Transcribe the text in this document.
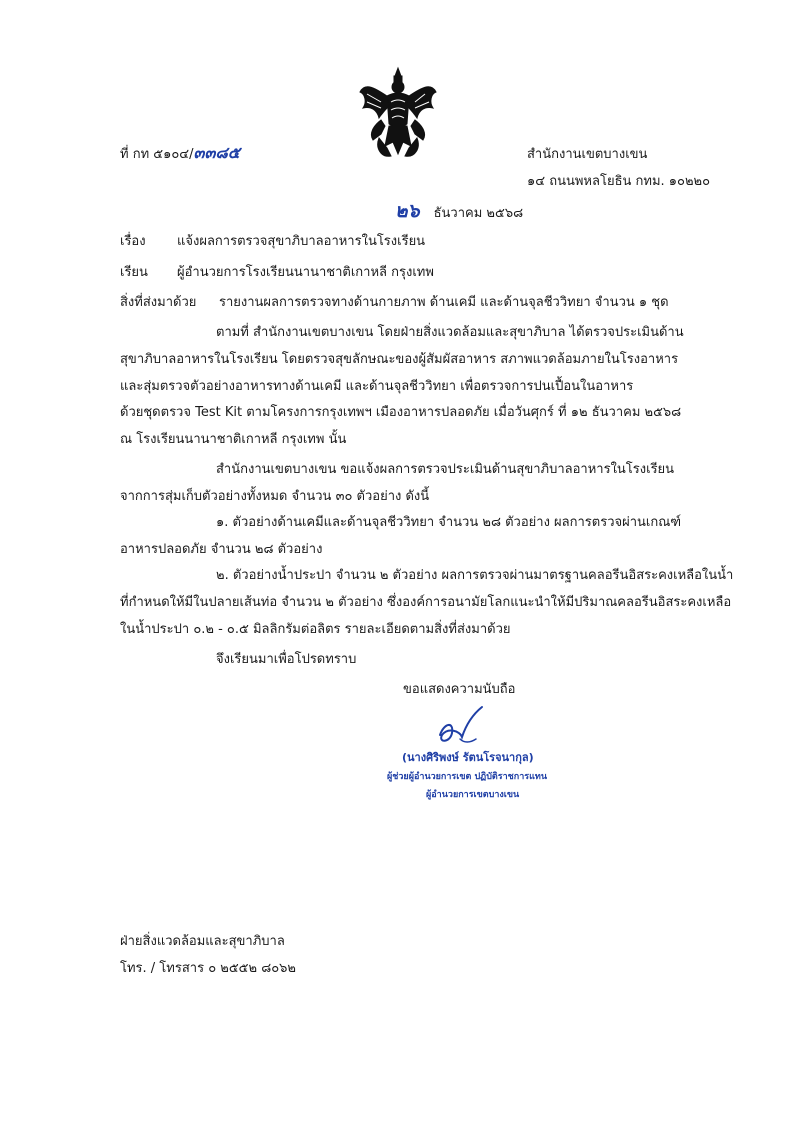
ที่ กท ๕๑๐๔/๓๓๘๕	สำนักงานเขตบางเขน
๑๔ ถนนพหลโยธิน กทม. ๑๐๒๒๐
๒๖ ธันวาคม ๒๕๖๘
เรื่อง แจ้งผลการตรวจสุขาภิบาลอาหารในโรงเรียน
เรียน ผู้อำนวยการโรงเรียนนานาชาติเกาหลี กรุงเทพ
สิ่งที่ส่งมาด้วย รายงานผลการตรวจทางด้านกายภาพ ด้านเคมี และด้านจุลชีววิทยา จำนวน ๑ ชุด
ตามที่ สำนักงานเขตบางเขน โดยฝ่ายสิ่งแวดล้อมและสุขาภิบาล ได้ตรวจประเมินด้าน
สุขาภิบาลอาหารในโรงเรียน โดยตรวจสุขลักษณะของผู้สัมผัสอาหาร สภาพแวดล้อมภายในโรงอาหาร
และสุ่มตรวจตัวอย่างอาหารทางด้านเคมี และด้านจุลชีววิทยา เพื่อตรวจการปนเปื้อนในอาหาร
ด้วยชุดตรวจ Test Kit ตามโครงการกรุงเทพฯ เมืองอาหารปลอดภัย เมื่อวันศุกร์ ที่ ๑๒ ธันวาคม ๒๕๖๘
ณ โรงเรียนนานาชาติเกาหลี กรุงเทพ นั้น
สำนักงานเขตบางเขน ขอแจ้งผลการตรวจประเมินด้านสุขาภิบาลอาหารในโรงเรียน
จากการสุ่มเก็บตัวอย่างทั้งหมด จำนวน ๓๐ ตัวอย่าง ดังนี้
๑. ตัวอย่างด้านเคมีและด้านจุลชีววิทยา จำนวน ๒๘ ตัวอย่าง ผลการตรวจผ่านเกณฑ์
อาหารปลอดภัย จำนวน ๒๘ ตัวอย่าง
๒. ตัวอย่างน้ำประปา จำนวน ๒ ตัวอย่าง ผลการตรวจผ่านมาตรฐานคลอรีนอิสระคงเหลือในน้ำ
ที่กำหนดให้มีในปลายเส้นท่อ จำนวน ๒ ตัวอย่าง ซึ่งองค์การอนามัยโลกแนะนำให้มีปริมาณคลอรีนอิสระคงเหลือ
ในน้ำประปา ๐.๒ - ๐.๕ มิลลิกรัมต่อลิตร รายละเอียดตามสิ่งที่ส่งมาด้วย
จึงเรียนมาเพื่อโปรดทราบ
ขอแสดงความนับถือ
(นางศิริพงษ์ รัตนโรจนากุล)
ผู้ช่วยผู้อำนวยการเขต ปฏิบัติราชการแทน
ผู้อำนวยการเขตบางเขน
ฝ่ายสิ่งแวดล้อมและสุขาภิบาล
โทร. / โทรสาร ๐ ๒๕๕๒ ๘๐๖๒
